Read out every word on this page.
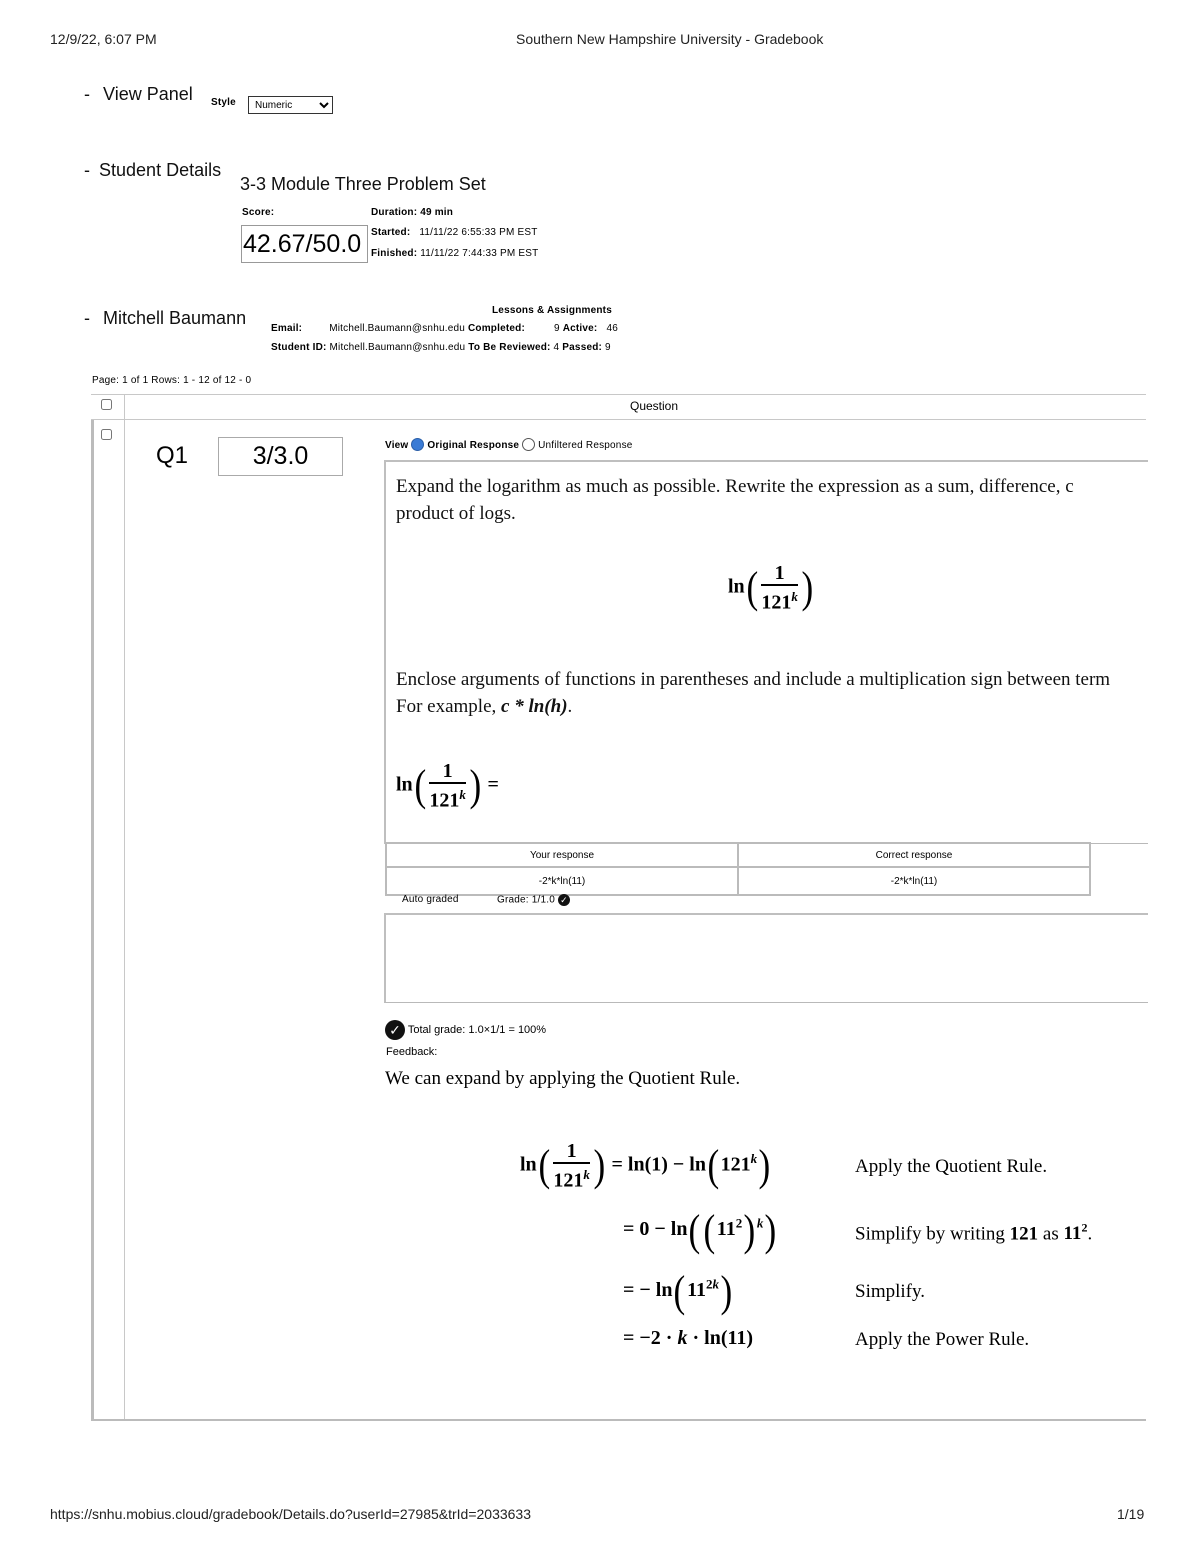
12/9/22, 6:07 PM	Southern New Hampshire University - Gradebook
- View Panel Style
Numeric
- Student Details
3-3 Module Three Problem Set
Score:
42.67/50.0
Duration: 49 min
Started: 11/11/22 6:55:33 PM EST
Finished: 11/11/22 7:44:33 PM EST
- Mitchell Baumann	Lessons & Assignments
Email:	Mitchell.Baumann@snhu.edu Completed:	9 Active: 46
Student ID: Mitchell.Baumann@snhu.edu To Be Reviewed: 4 Passed: 9
Page: 1 of 1 Rows: 1 - 12 of 12 - 0
Question
Q1	3/3.0	View Original Response Unfiltered Response
Expand the logarithm as much as possible. Rewrite the expression as a sum, difference, c
product of logs.
$\ln( \frac{1}{121^k}$ )
Enclose arguments of functions in parentheses and include a multiplication sign between term
For example, c * ln(h).
$\ln( \frac{1}{121^k}$ ) =
Your response	Correct response
-2*k*ln(11)	-2*k*ln(11)
Auto graded	Grade: 1/1.0 ✓
✓ Total grade: 1.0×1/1 = 100%
Feedback:
We can expand by applying the Quotient Rule.
$\ln( \frac{1}{121^k}$ ) = $\ln(1) - \ln(121^k)$	Apply the Quotient Rule.
= $0 - \ln((11^2)^k)$	Simplify by writing 121 as $11^2$.
= − $\ln(11^{2k})$	Simplify.
= −2 · k · ln(11)	Apply the Power Rule.
https://snhu.mobius.cloud/gradebook/Details.do?userId=27985&trId=2033633	1/19
